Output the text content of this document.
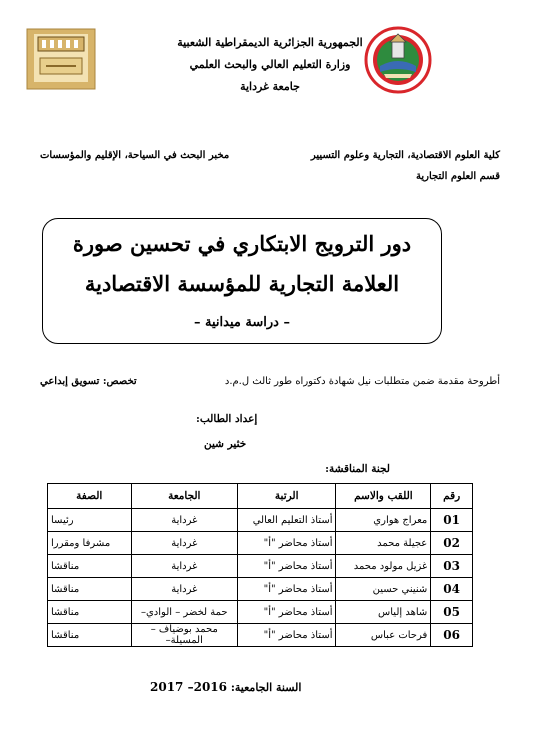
الجمهورية الجزائرية الديمقراطية الشعبية
وزارة التعليم العالي والبحث العلمي
جامعة غرداية
كلية العلوم الاقتصادية، التجارية وعلوم التسيير
قسم العلوم التجارية
مخبر البحث في السياحة، الإقليم والمؤسسات
دور الترويج الابتكاري في تحسين صورة
العلامة التجارية للمؤسسة الاقتصادية
– دراسة ميدانية –
أطروحة مقدمة ضمن متطلبات نيل شهادة دكتوراه طور ثالث ل.م.د
تخصص: تسويق إبداعي
إعداد الطالب:
خثير شين
لجنة المناقشة:
رقم	اللقب والاسم	الرتبة	الجامعة	الصفة
01	معراج هواري	أستاذ التعليم العالي	غرداية	رئيسا
02	عجيلة محمد	أستاذ محاضر "أ"	غرداية	مشرفا ومقررا
03	غزيل مولود محمد	أستاذ محاضر "أ"	غرداية	مناقشا
04	شنيني حسين	أستاذ محاضر "أ"	غرداية	مناقشا
05	شاهد إلياس	أستاذ محاضر "أ"	حمة لخضر – الوادي–	مناقشا
06	فرحات عباس	أستاذ محاضر "أ"	محمد بوضياف –المسيلة–	مناقشا
السنة الجامعية: 2016– 2017
